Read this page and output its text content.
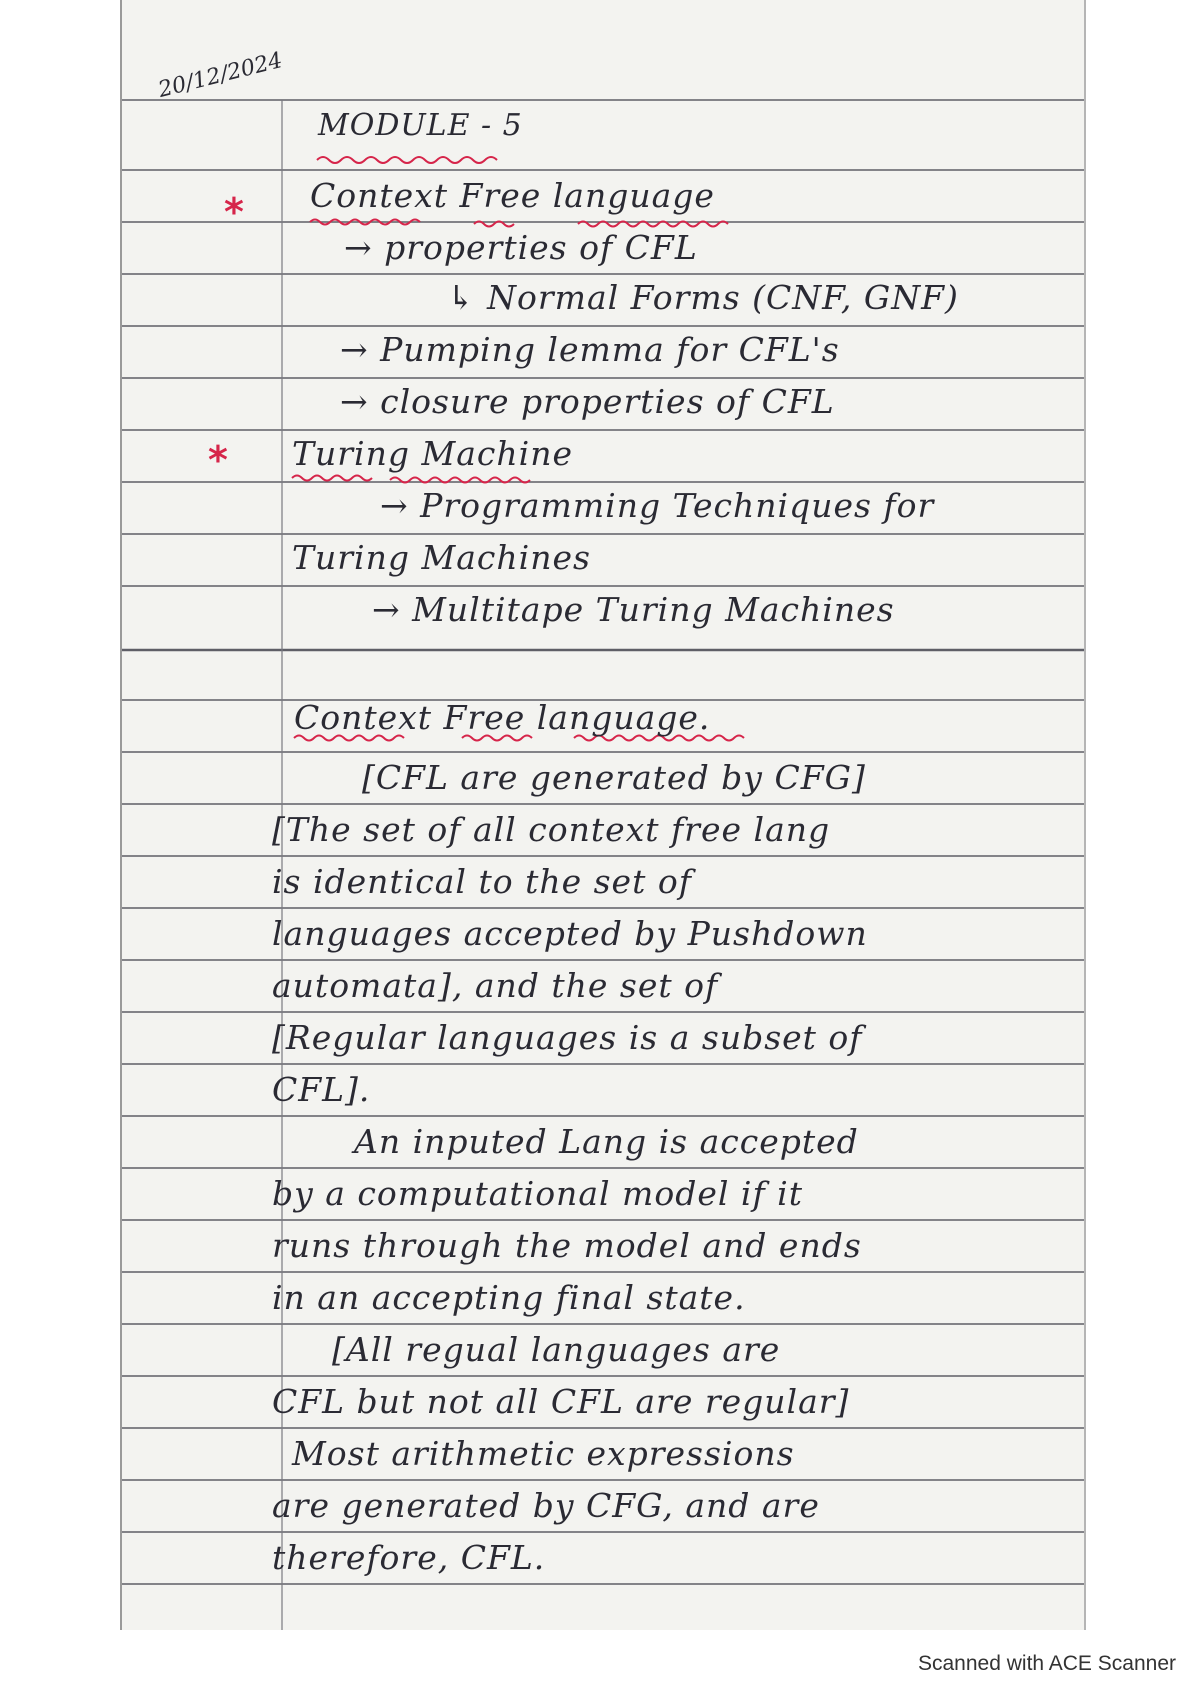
20/12/2024
*
*
MODULE - 5
Context Free language
→ properties of CFL
↳ Normal Forms (CNF, GNF)
→ Pumping lemma for CFL's
→ closure properties of CFL
Turing Machine
→ Programming Techniques for
Turing Machines
→ Multitape Turing Machines
Context Free language.
[CFL are generated by CFG]
[The set of all context free lang
is identical to the set of
languages accepted by Pushdown
automata], and the set of
[Regular languages is a subset of
CFL].
An inputed Lang is accepted
by a computational model if it
runs through the model and ends
in an accepting final state.
[All regual languages are
CFL but not all CFL are regular]
Most arithmetic expressions
are generated by CFG, and are
therefore, CFL.
Scanned with ACE Scanner
